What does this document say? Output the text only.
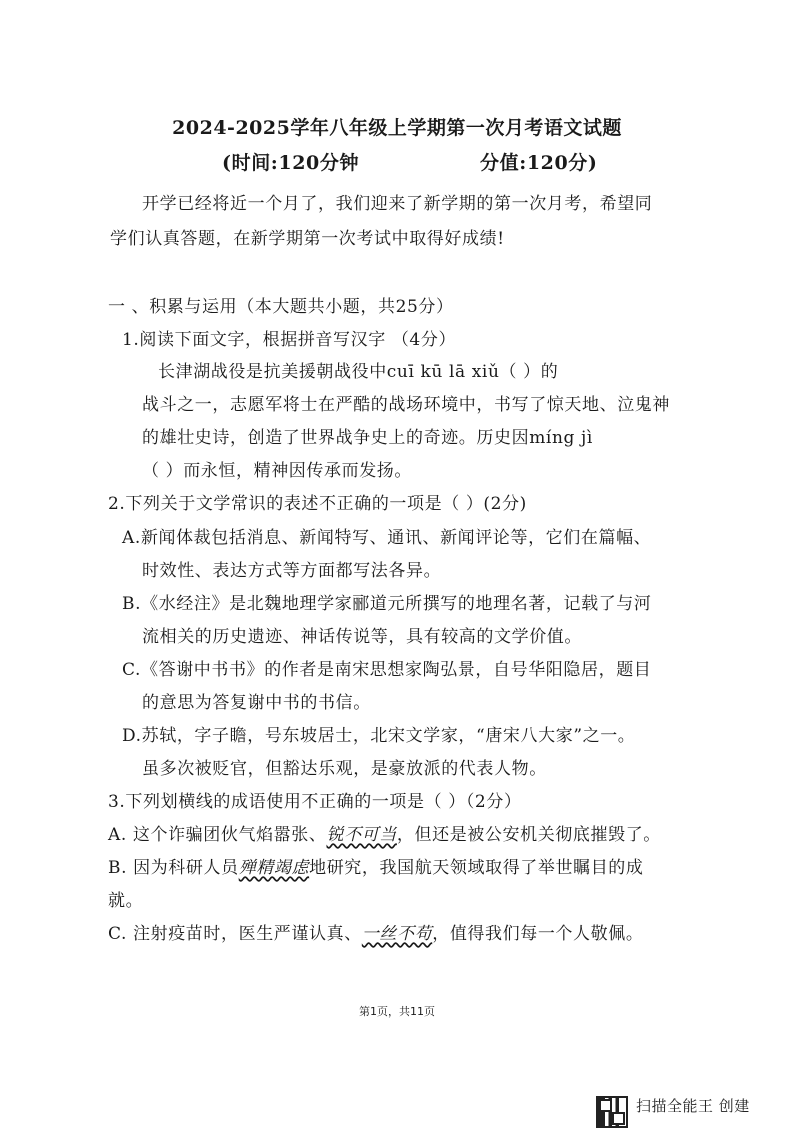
2024-2025学年八年级上学期第一次月考语文试题
(时间:120分钟	分值:120分)
开学已经将近一个月了，我们迎来了新学期的第一次月考，希望同
学们认真答题，在新学期第一次考试中取得好成绩!
一 、积累与运用（本大题共小题，共25分）
1.阅读下面文字，根据拼音写汉字 （4分）
长津湖战役是抗美援朝战役中cuī kū lā xiǔ（ ）的
战斗之一，志愿军将士在严酷的战场环境中，书写了惊天地、泣鬼神
的雄壮史诗，创造了世界战争史上的奇迹。历史因míng jì
（ ）而永恒，精神因传承而发扬。
2.下列关于文学常识的表述不正确的一项是（ ）(2分)
A.新闻体裁包括消息、新闻特写、通讯、新闻评论等，它们在篇幅、
时效性、表达方式等方面都写法各异。
B.《水经注》是北魏地理学家郦道元所撰写的地理名著，记载了与河
流相关的历史遗迹、神话传说等，具有较高的文学价值。
C.《答谢中书书》的作者是南宋思想家陶弘景，自号华阳隐居，题目
的意思为答复谢中书的书信。
D.苏轼，字子瞻，号东坡居士，北宋文学家，“唐宋八大家”之一。
虽多次被贬官，但豁达乐观，是豪放派的代表人物。
3.下列划横线的成语使用不正确的一项是（ ）（2分）
A. 这个诈骗团伙气焰嚣张、锐不可当，但还是被公安机关彻底摧毁了。
B. 因为科研人员殚精竭虑地研究，我国航天领域取得了举世瞩目的成
就。
C. 注射疫苗时，医生严谨认真、一丝不苟，值得我们每一个人敬佩。
第1页，共11页
扫描全能王 创建
